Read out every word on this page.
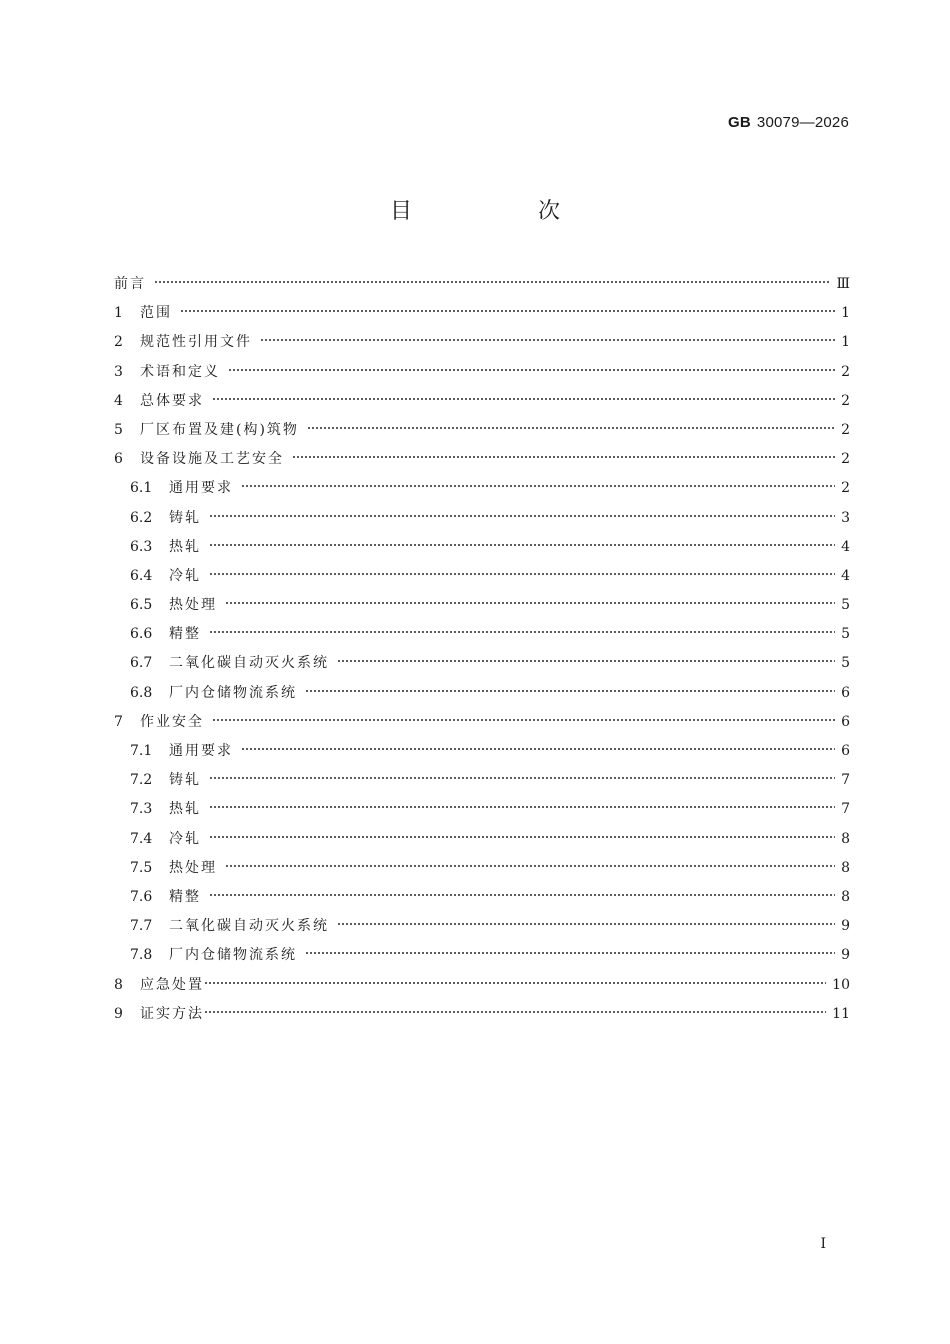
GB 30079—2026
目　次
前言	Ⅲ
1	范围	1
2	规范性引用文件	1
3	术语和定义	2
4	总体要求	2
5	厂区布置及建(构)筑物	2
6	设备设施及工艺安全	2
6.1	通用要求	2
6.2	铸轧	3
6.3	热轧	4
6.4	冷轧	4
6.5	热处理	5
6.6	精整	5
6.7	二氧化碳自动灭火系统	5
6.8	厂内仓储物流系统	6
7	作业安全	6
7.1	通用要求	6
7.2	铸轧	7
7.3	热轧	7
7.4	冷轧	8
7.5	热处理	8
7.6	精整	8
7.7	二氧化碳自动灭火系统	9
7.8	厂内仓储物流系统	9
8	应急处置	10
9	证实方法	11
Ⅰ
